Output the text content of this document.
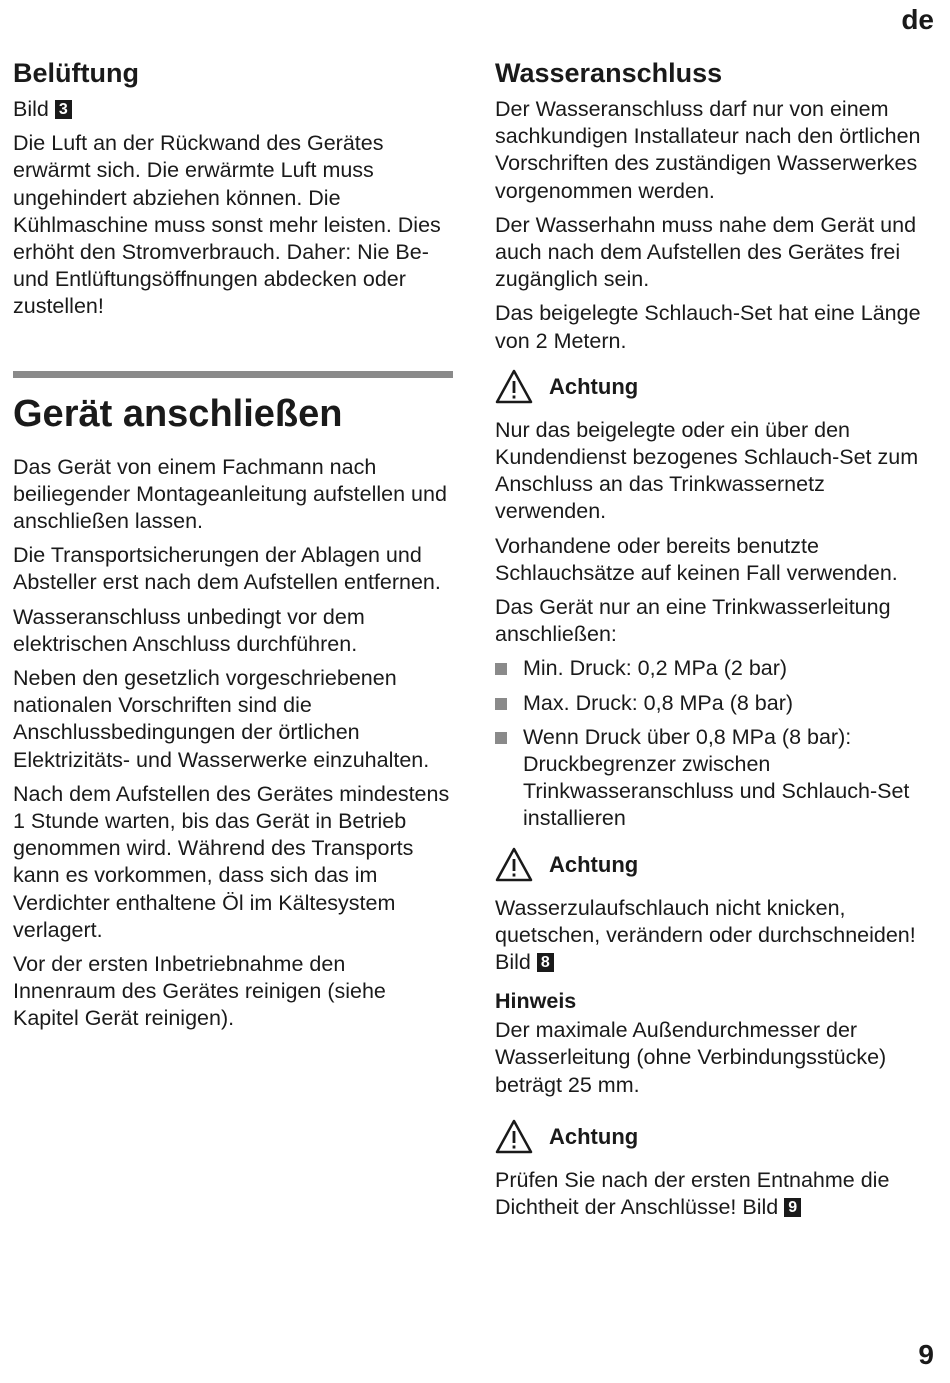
de
Belüftung

Bild 3

Die Luft an der Rückwand des Gerätes erwärmt sich. Die erwärmte Luft muss ungehindert abziehen können. Die Kühlmaschine muss sonst mehr leisten. Dies erhöht den Stromverbrauch. Daher: Nie Be- und Entlüftungsöffnungen abdecken oder zustellen!

Gerät anschließen

Das Gerät von einem Fachmann nach beiliegender Montageanleitung aufstellen und anschließen lassen.

Die Transportsicherungen der Ablagen und Absteller erst nach dem Aufstellen entfernen.

Wasseranschluss unbedingt vor dem elektrischen Anschluss durchführen.

Neben den gesetzlich vorgeschriebenen nationalen Vorschriften sind die Anschlussbedingungen der örtlichen Elektrizitäts- und Wasserwerke einzuhalten.

Nach dem Aufstellen des Gerätes mindestens 1 Stunde warten, bis das Gerät in Betrieb genommen wird. Während des Transports kann es vorkommen, dass sich das im Verdichter enthaltene Öl im Kältesystem verlagert.

Vor der ersten Inbetriebnahme den Innenraum des Gerätes reinigen (siehe Kapitel Gerät reinigen).

Wasseranschluss

Der Wasseranschluss darf nur von einem sachkundigen Installateur nach den örtlichen Vorschriften des zuständigen Wasserwerkes vorgenommen werden.

Der Wasserhahn muss nahe dem Gerät und auch nach dem Aufstellen des Gerätes frei zugänglich sein.

Das beigelegte Schlauch-Set hat eine Länge von 2 Metern.

Achtung

Nur das beigelegte oder ein über den Kundendienst bezogenes Schlauch-Set zum Anschluss an das Trinkwassernetz verwenden.

Vorhandene oder bereits benutzte Schlauchsätze auf keinen Fall verwenden.

Das Gerät nur an eine Trinkwasserleitung anschließen:

Min. Druck: 0,2 MPa (2 bar)
Max. Druck: 0,8 MPa (8 bar)
Wenn Druck über 0,8 MPa (8 bar): Druckbegrenzer zwischen Trinkwasseranschluss und Schlauch-Set installieren
Achtung

Wasserzulaufschlauch nicht knicken, quetschen, verändern oder durchschneiden! Bild 8

Hinweis

Der maximale Außendurchmesser der Wasserleitung (ohne Verbindungsstücke) beträgt 25 mm.

Achtung

Prüfen Sie nach der ersten Entnahme die Dichtheit der Anschlüsse! Bild 9

9
